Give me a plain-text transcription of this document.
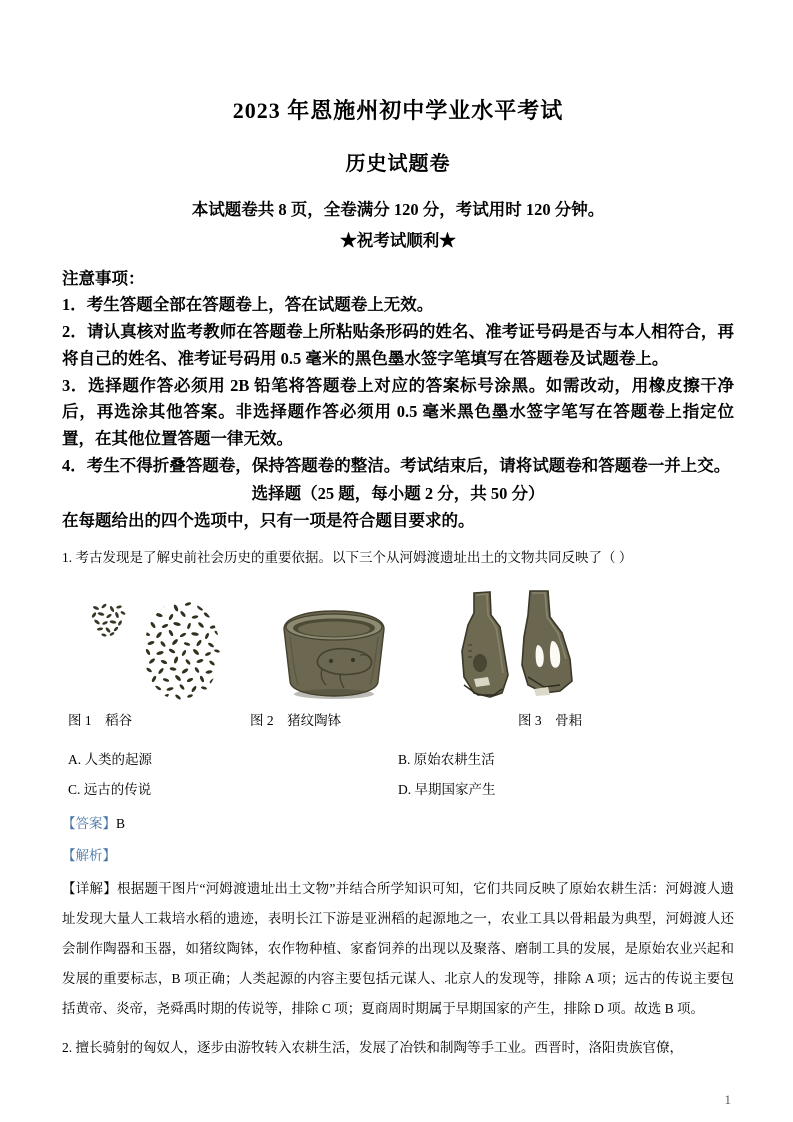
2023 年恩施州初中学业水平考试
历史试题卷
本试题卷共 8 页，全卷满分 120 分，考试用时 120 分钟。
★祝考试顺利★
注意事项：
1．考生答题全部在答题卷上，答在试题卷上无效。
2．请认真核对监考教师在答题卷上所粘贴条形码的姓名、准考证号码是否与本人相符合，再将自己的姓名、准考证号码用 0.5 毫米的黑色墨水签字笔填写在答题卷及试题卷上。
3．选择题作答必须用 2B 铅笔将答题卷上对应的答案标号涂黑。如需改动，用橡皮擦干净后，再选涂其他答案。非选择题作答必须用 0.5 毫米黑色墨水签字笔写在答题卷上指定位置，在其他位置答题一律无效。
4．考生不得折叠答题卷，保持答题卷的整洁。考试结束后，请将试题卷和答题卷一并上交。
选择题（25 题，每小题 2 分，共 50 分）
在每题给出的四个选项中，只有一项是符合题目要求的。
1. 考古发现是了解史前社会历史的重要依据。以下三个从河姆渡遗址出土的文物共同反映了（ ）
图 1　稻谷	图 2　猪纹陶钵	图 3　骨耜
A. 人类的起源	B. 原始农耕生活
C. 远古的传说	D. 早期国家产生
【答案】B
【解析】
【详解】根据题干图片“河姆渡遗址出土文物”并结合所学知识可知，它们共同反映了原始农耕生活：河姆渡人遗址发现大量人工栽培水稻的遗迹，表明长江下游是亚洲稻的起源地之一，农业工具以骨耜最为典型，河姆渡人还会制作陶器和玉器，如猪纹陶钵，农作物种植、家畜饲养的出现以及聚落、磨制工具的发展，是原始农业兴起和发展的重要标志，B 项正确；人类起源的内容主要包括元谋人、北京人的发现等，排除 A 项；远古的传说主要包括黄帝、炎帝，尧舜禹时期的传说等，排除 C 项；夏商周时期属于早期国家的产生，排除 D 项。故选 B 项。
2. 擅长骑射的匈奴人，逐步由游牧转入农耕生活，发展了冶铁和制陶等手工业。西晋时，洛阳贵族官僚，
1
